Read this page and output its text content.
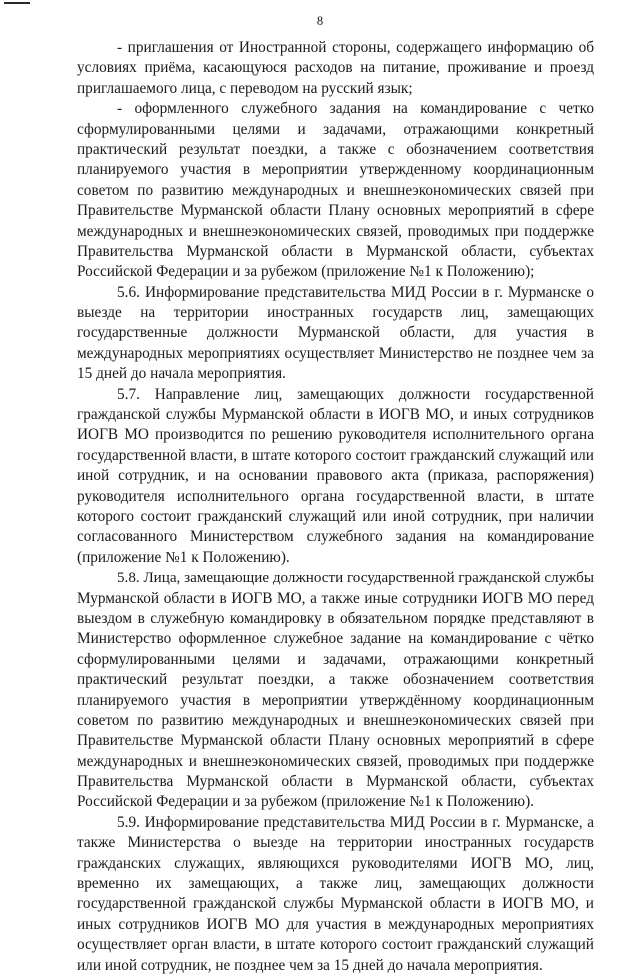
8
- приглашения от Иностранной стороны, содержащего информацию об
условиях приёма, касающуюся расходов на питание, проживание и проезд
приглашаемого лица, с переводом на русский язык;
- оформленного служебного задания на командирование с четко
сформулированными целями и задачами, отражающими конкретный
практический результат поездки, а также с обозначением соответствия
планируемого участия в мероприятии утвержденному координационным
советом по развитию международных и внешнеэкономических связей при
Правительстве Мурманской области Плану основных мероприятий в сфере
международных и внешнеэкономических связей, проводимых при поддержке
Правительства Мурманской области в Мурманской области, субъектах
Российской Федерации и за рубежом (приложение №1 к Положению);
5.6. Информирование представительства МИД России в г. Мурманске о
выезде на территории иностранных государств лиц, замещающих
государственные должности Мурманской области, для участия в
международных мероприятиях осуществляет Министерство не позднее чем за
15 дней до начала мероприятия.
5.7. Направление лиц, замещающих должности государственной
гражданской службы Мурманской области в ИОГВ МО, и иных сотрудников
ИОГВ МО производится по решению руководителя исполнительного органа
государственной власти, в штате которого состоит гражданский служащий или
иной сотрудник, и на основании правового акта (приказа, распоряжения)
руководителя исполнительного органа государственной власти, в штате
которого состоит гражданский служащий или иной сотрудник, при наличии
согласованного Министерством служебного задания на командирование
(приложение №1 к Положению).
5.8. Лица, замещающие должности государственной гражданской службы
Мурманской области в ИОГВ МО, а также иные сотрудники ИОГВ МО перед
выездом в служебную командировку в обязательном порядке представляют в
Министерство оформленное служебное задание на командирование с чётко
сформулированными целями и задачами, отражающими конкретный
практический результат поездки, а также обозначением соответствия
планируемого участия в мероприятии утверждённому координационным
советом по развитию международных и внешнеэкономических связей при
Правительстве Мурманской области Плану основных мероприятий в сфере
международных и внешнеэкономических связей, проводимых при поддержке
Правительства Мурманской области в Мурманской области, субъектах
Российской Федерации и за рубежом (приложение №1 к Положению).
5.9. Информирование представительства МИД России в г. Мурманске, а
также Министерства о выезде на территории иностранных государств
гражданских служащих, являющихся руководителями ИОГВ МО, лиц,
временно их замещающих, а также лиц, замещающих должности
государственной гражданской службы Мурманской области в ИОГВ МО, и
иных сотрудников ИОГВ МО для участия в международных мероприятиях
осуществляет орган власти, в штате которого состоит гражданский служащий
или иной сотрудник, не позднее чем за 15 дней до начала мероприятия.
